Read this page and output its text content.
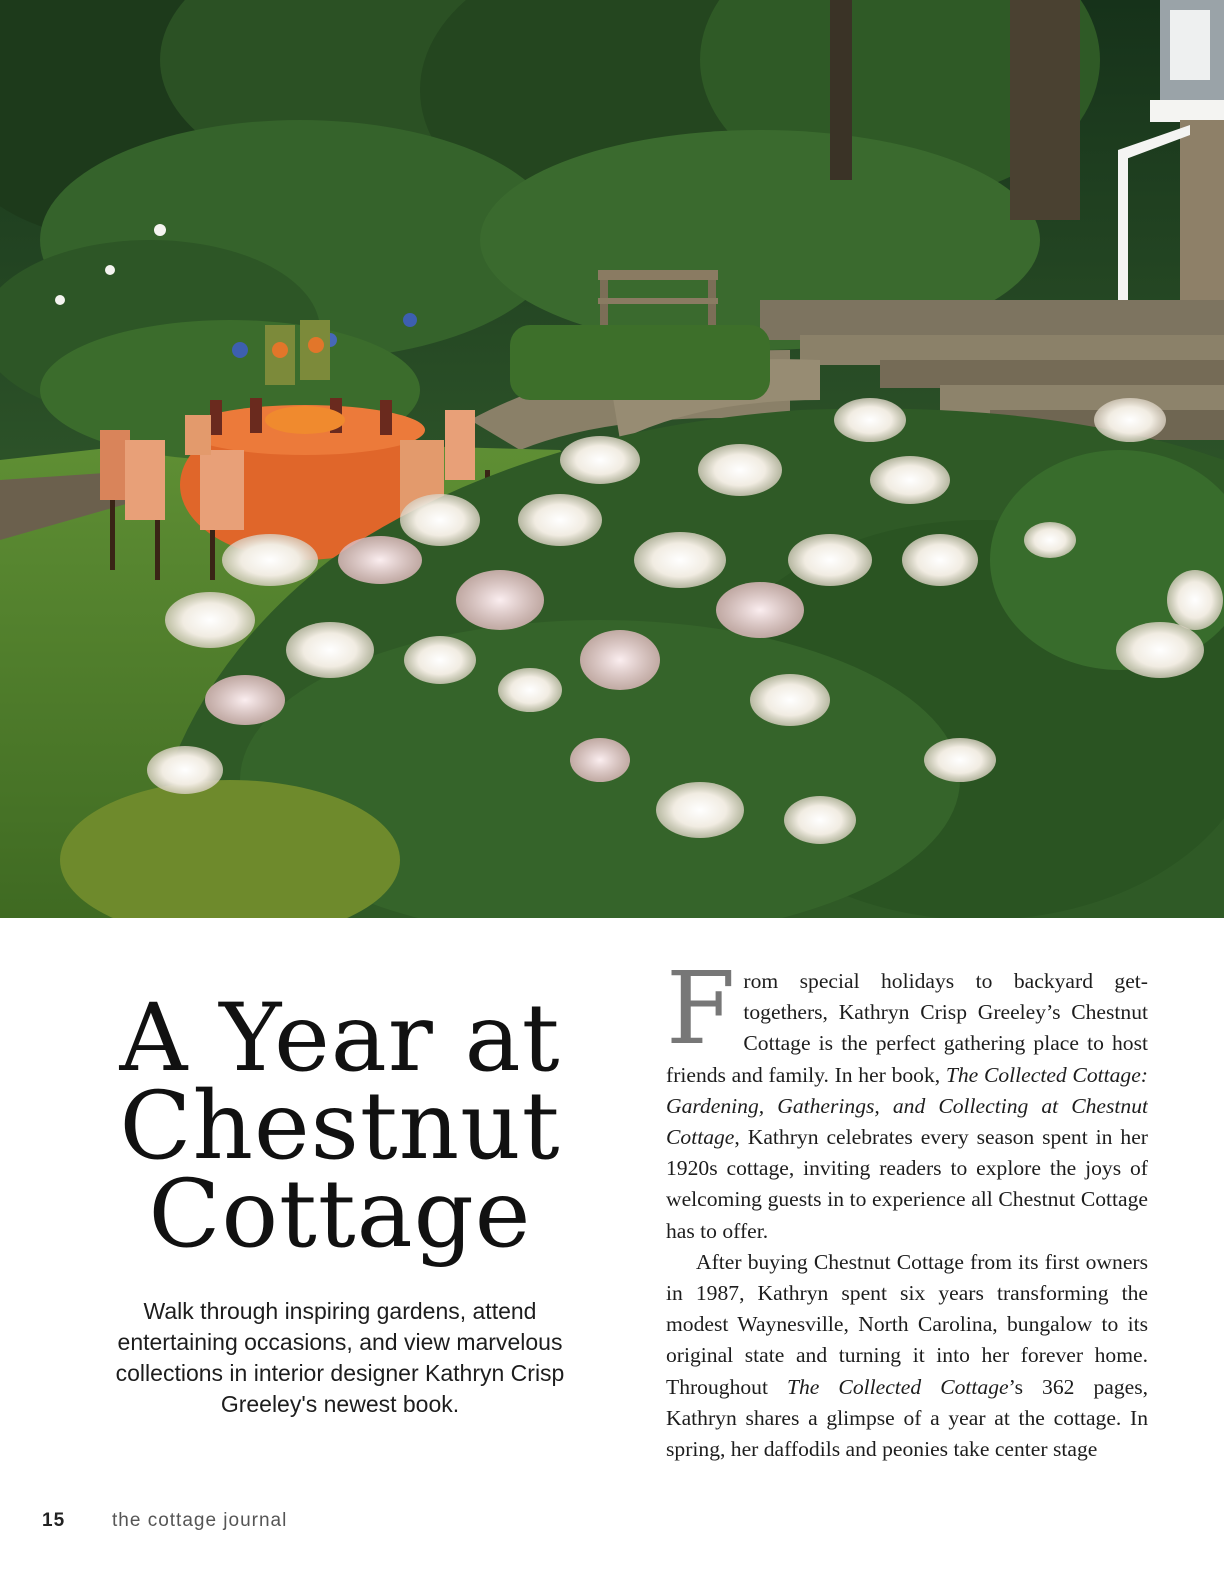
A Year at
Chestnut
Cottage

Walk through inspiring gardens, attend entertaining occasions, and view marvelous collections in interior designer Kathryn Crisp Greeley's newest book.

From special holidays to backyard get-togethers, Kathryn Crisp Greeley’s Chestnut Cottage is the perfect gathering place to host friends and family. In her book, The Collected Cottage: Gardening, Gatherings, and Collecting at Chestnut Cottage, Kathryn celebrates every season spent in her 1920s cottage, inviting readers to explore the joys of welcoming guests in to experience all Chestnut Cottage has to offer.

After buying Chestnut Cottage from its first owners in 1987, Kathryn spent six years transforming the modest Waynesville, North Carolina, bungalow to its original state and turning it into her forever home. Throughout The Collected Cottage’s 362 pages, Kathryn shares a glimpse of a year at the cottage. In spring, her daffodils and peonies take center stage

15 the cottage journal
